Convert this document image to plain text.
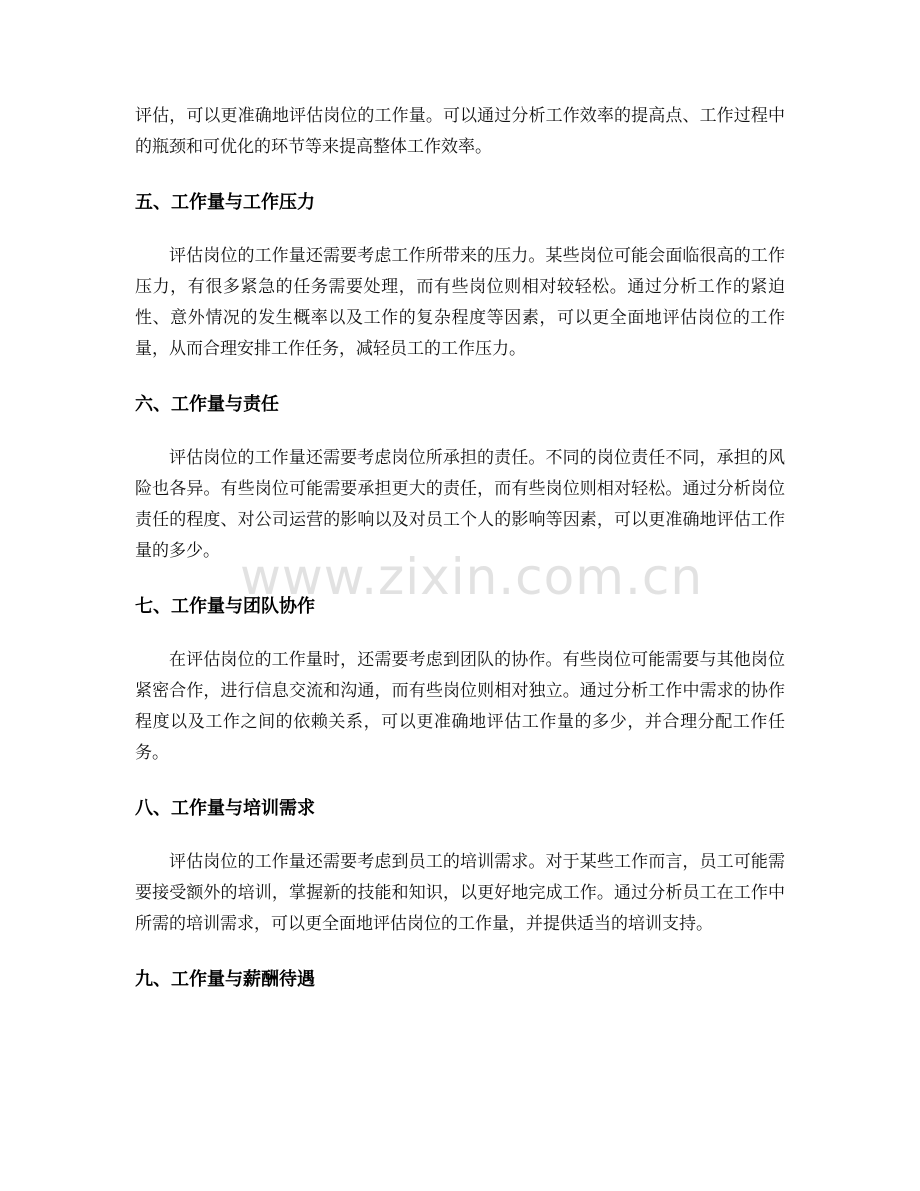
评估，可以更准确地评估岗位的工作量。可以通过分析工作效率的提高点、工作过程中的瓶颈和可优化的环节等来提高整体工作效率。

五、工作量与工作压力

评估岗位的工作量还需要考虑工作所带来的压力。某些岗位可能会面临很高的工作压力，有很多紧急的任务需要处理，而有些岗位则相对较轻松。通过分析工作的紧迫性、意外情况的发生概率以及工作的复杂程度等因素，可以更全面地评估岗位的工作量，从而合理安排工作任务，减轻员工的工作压力。

六、工作量与责任

评估岗位的工作量还需要考虑岗位所承担的责任。不同的岗位责任不同，承担的风险也各异。有些岗位可能需要承担更大的责任，而有些岗位则相对轻松。通过分析岗位责任的程度、对公司运营的影响以及对员工个人的影响等因素，可以更准确地评估工作量的多少。

七、工作量与团队协作

在评估岗位的工作量时，还需要考虑到团队的协作。有些岗位可能需要与其他岗位紧密合作，进行信息交流和沟通，而有些岗位则相对独立。通过分析工作中需求的协作程度以及工作之间的依赖关系，可以更准确地评估工作量的多少，并合理分配工作任务。

八、工作量与培训需求

评估岗位的工作量还需要考虑到员工的培训需求。对于某些工作而言，员工可能需要接受额外的培训，掌握新的技能和知识，以更好地完成工作。通过分析员工在工作中所需的培训需求，可以更全面地评估岗位的工作量，并提供适当的培训支持。

九、工作量与薪酬待遇
www.zixin.com.cn
